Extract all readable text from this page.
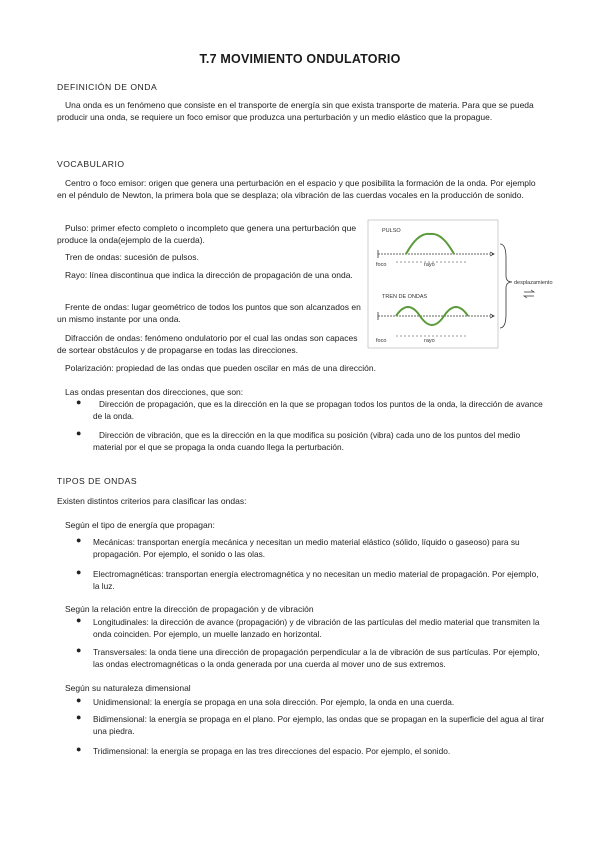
T.7 MOVIMIENTO ONDULATORIO
DEFINICIÓN DE ONDA
Una onda es un fenómeno que consiste en el transporte de energía sin que exista transporte de materia. Para que se pueda producir una onda, se requiere un foco emisor que produzca una perturbación y un medio elástico que la propague.
VOCABULARIO
Centro o foco emisor: origen que genera una perturbación en el espacio y que posibilita la formación de la onda. Por ejemplo en el péndulo de Newton, la primera bola que se desplaza; ola vibración de las cuerdas vocales en la producción de sonido.
Pulso: primer efecto completo o incompleto que genera una perturbación que produce la onda(ejemplo de la cuerda).
Tren de ondas: sucesión de pulsos.
Rayo: línea discontinua que indica la dirección de propagación de una onda.
Frente de ondas: lugar geométrico de todos los puntos que son alcanzados en un mismo instante por una onda.
Difracción de ondas: fenómeno ondulatorio por el cual las ondas son capaces de sortear obstáculos y de propagarse en todas las direcciones.
Polarización: propiedad de las ondas que pueden oscilar en más de una dirección.
PULSO
foco	rayo
TREN DE ONDAS
foco	rayo
desplazamiento
Las ondas presentan dos direcciones, que son:
●	Dirección de propagación, que es la dirección en la que se propagan todos los puntos de la onda, la dirección de avance de la onda.
●	Dirección de vibración, que es la dirección en la que modifica su posición (vibra) cada uno de los puntos del medio material por el que se propaga la onda cuando llega la perturbación.
TIPOS DE ONDAS
Existen distintos criterios para clasificar las ondas:
Según el tipo de energía que propagan:
● Mecánicas: transportan energía mecánica y necesitan un medio material elástico (sólido, líquido o gaseoso) para su propagación. Por ejemplo, el sonido o las olas.
● Electromagnéticas: transportan energía electromagnética y no necesitan un medio material de propagación. Por ejemplo, la luz.
Según la relación entre la dirección de propagación y de vibración
● Longitudinales: la dirección de avance (propagación) y de vibración de las partículas del medio material que transmiten la onda coinciden. Por ejemplo, un muelle lanzado en horizontal.
● Transversales: la onda tiene una dirección de propagación perpendicular a la de vibración de sus partículas. Por ejemplo, las ondas electromagnéticas o la onda generada por una cuerda al mover uno de sus extremos.
Según su naturaleza dimensional
● Unidimensional: la energía se propaga en una sola dirección. Por ejemplo, la onda en una cuerda.
● Bidimensional: la energía se propaga en el plano. Por ejemplo, las ondas que se propagan en la superficie del agua al tirar una piedra.
● Tridimensional: la energía se propaga en las tres direcciones del espacio. Por ejemplo, el sonido.
